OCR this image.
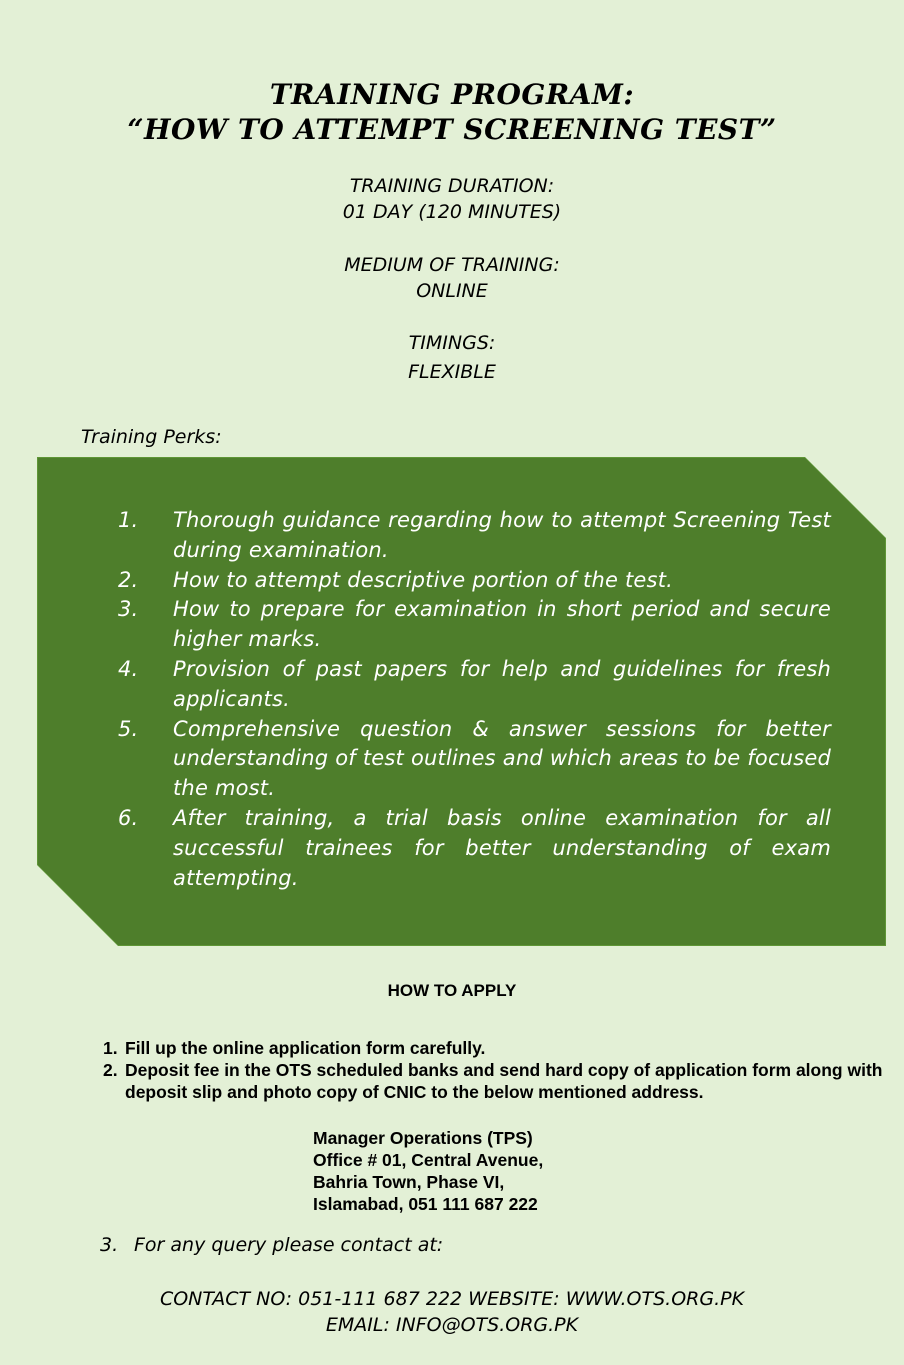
TRAINING PROGRAM:
“HOW TO ATTEMPT SCREENING TEST”
TRAINING DURATION:
01 DAY (120 MINUTES)
MEDIUM OF TRAINING:
ONLINE
TIMINGS:
FLEXIBLE
Training Perks:
1.	Thorough guidance regarding how to attempt Screening Test during examination.
2.	How to attempt descriptive portion of the test.
3.	How to prepare for examination in short period and secure higher marks.
4.	Provision of past papers for help and guidelines for fresh applicants.
5.	Comprehensive question & answer sessions for better understanding of test outlines and which areas to be focused the most.
6.	After training, a trial basis online examination for all successful trainees for better understanding of exam attempting.
HOW TO APPLY
1. Fill up the online application form carefully.
2. Deposit fee in the OTS scheduled banks and send hard copy of application form along with deposit slip and photo copy of CNIC to the below mentioned address.
Manager Operations (TPS)
Office # 01, Central Avenue,
Bahria Town, Phase VI,
Islamabad, 051 111 687 222
3. For any query please contact at:
CONTACT NO: 051-111 687 222 WEBSITE: WWW.OTS.ORG.PK
EMAIL: INFO@OTS.ORG.PK
